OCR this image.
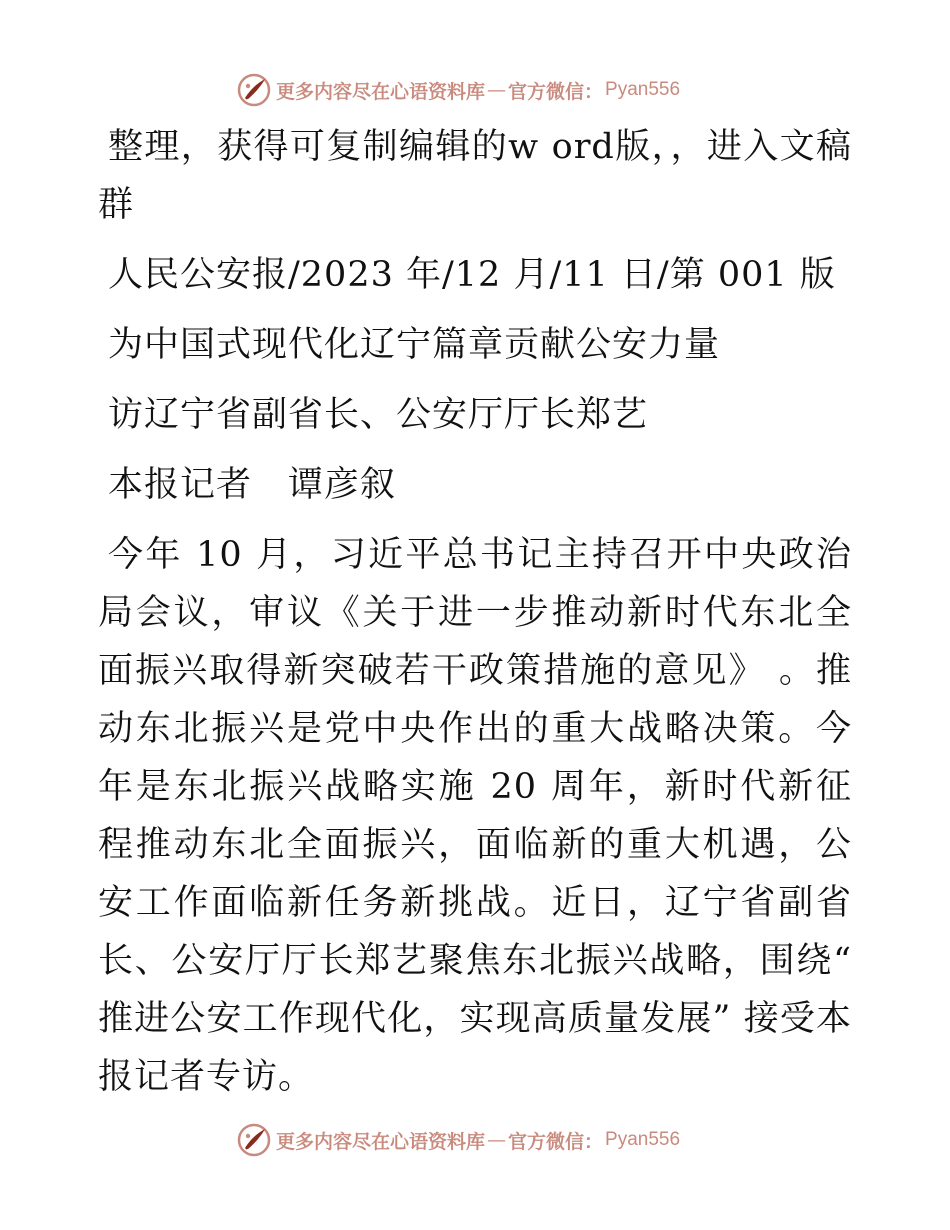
更多内容尽在心语资料库 — 官方微信： Pyan556

整理，获得可复制编辑的w ord版，，进入文稿群

人民公安报/2023 年/12 月/11 日/第 001 版

为中国式现代化辽宁篇章贡献公安力量

访辽宁省副省长、公安厅厅长郑艺

本报记者　谭彦叙

今年 10 月，习近平总书记主持召开中央政治局会议，审议《关于进一步推动新时代东北全面振兴取得新突破若干政策措施的意见》 。推动东北振兴是党中央作出的重大战略决策。今年是东北振兴战略实施 20 周年，新时代新征程推动东北全面振兴，面临新的重大机遇，公安工作面临新任务新挑战。近日，辽宁省副省长、公安厅厅长郑艺聚焦东北振兴战略，围绕“ 推进公安工作现代化，实现高质量发展” 接受本报记者专访。

更多内容尽在心语资料库 — 官方微信： Pyan556
